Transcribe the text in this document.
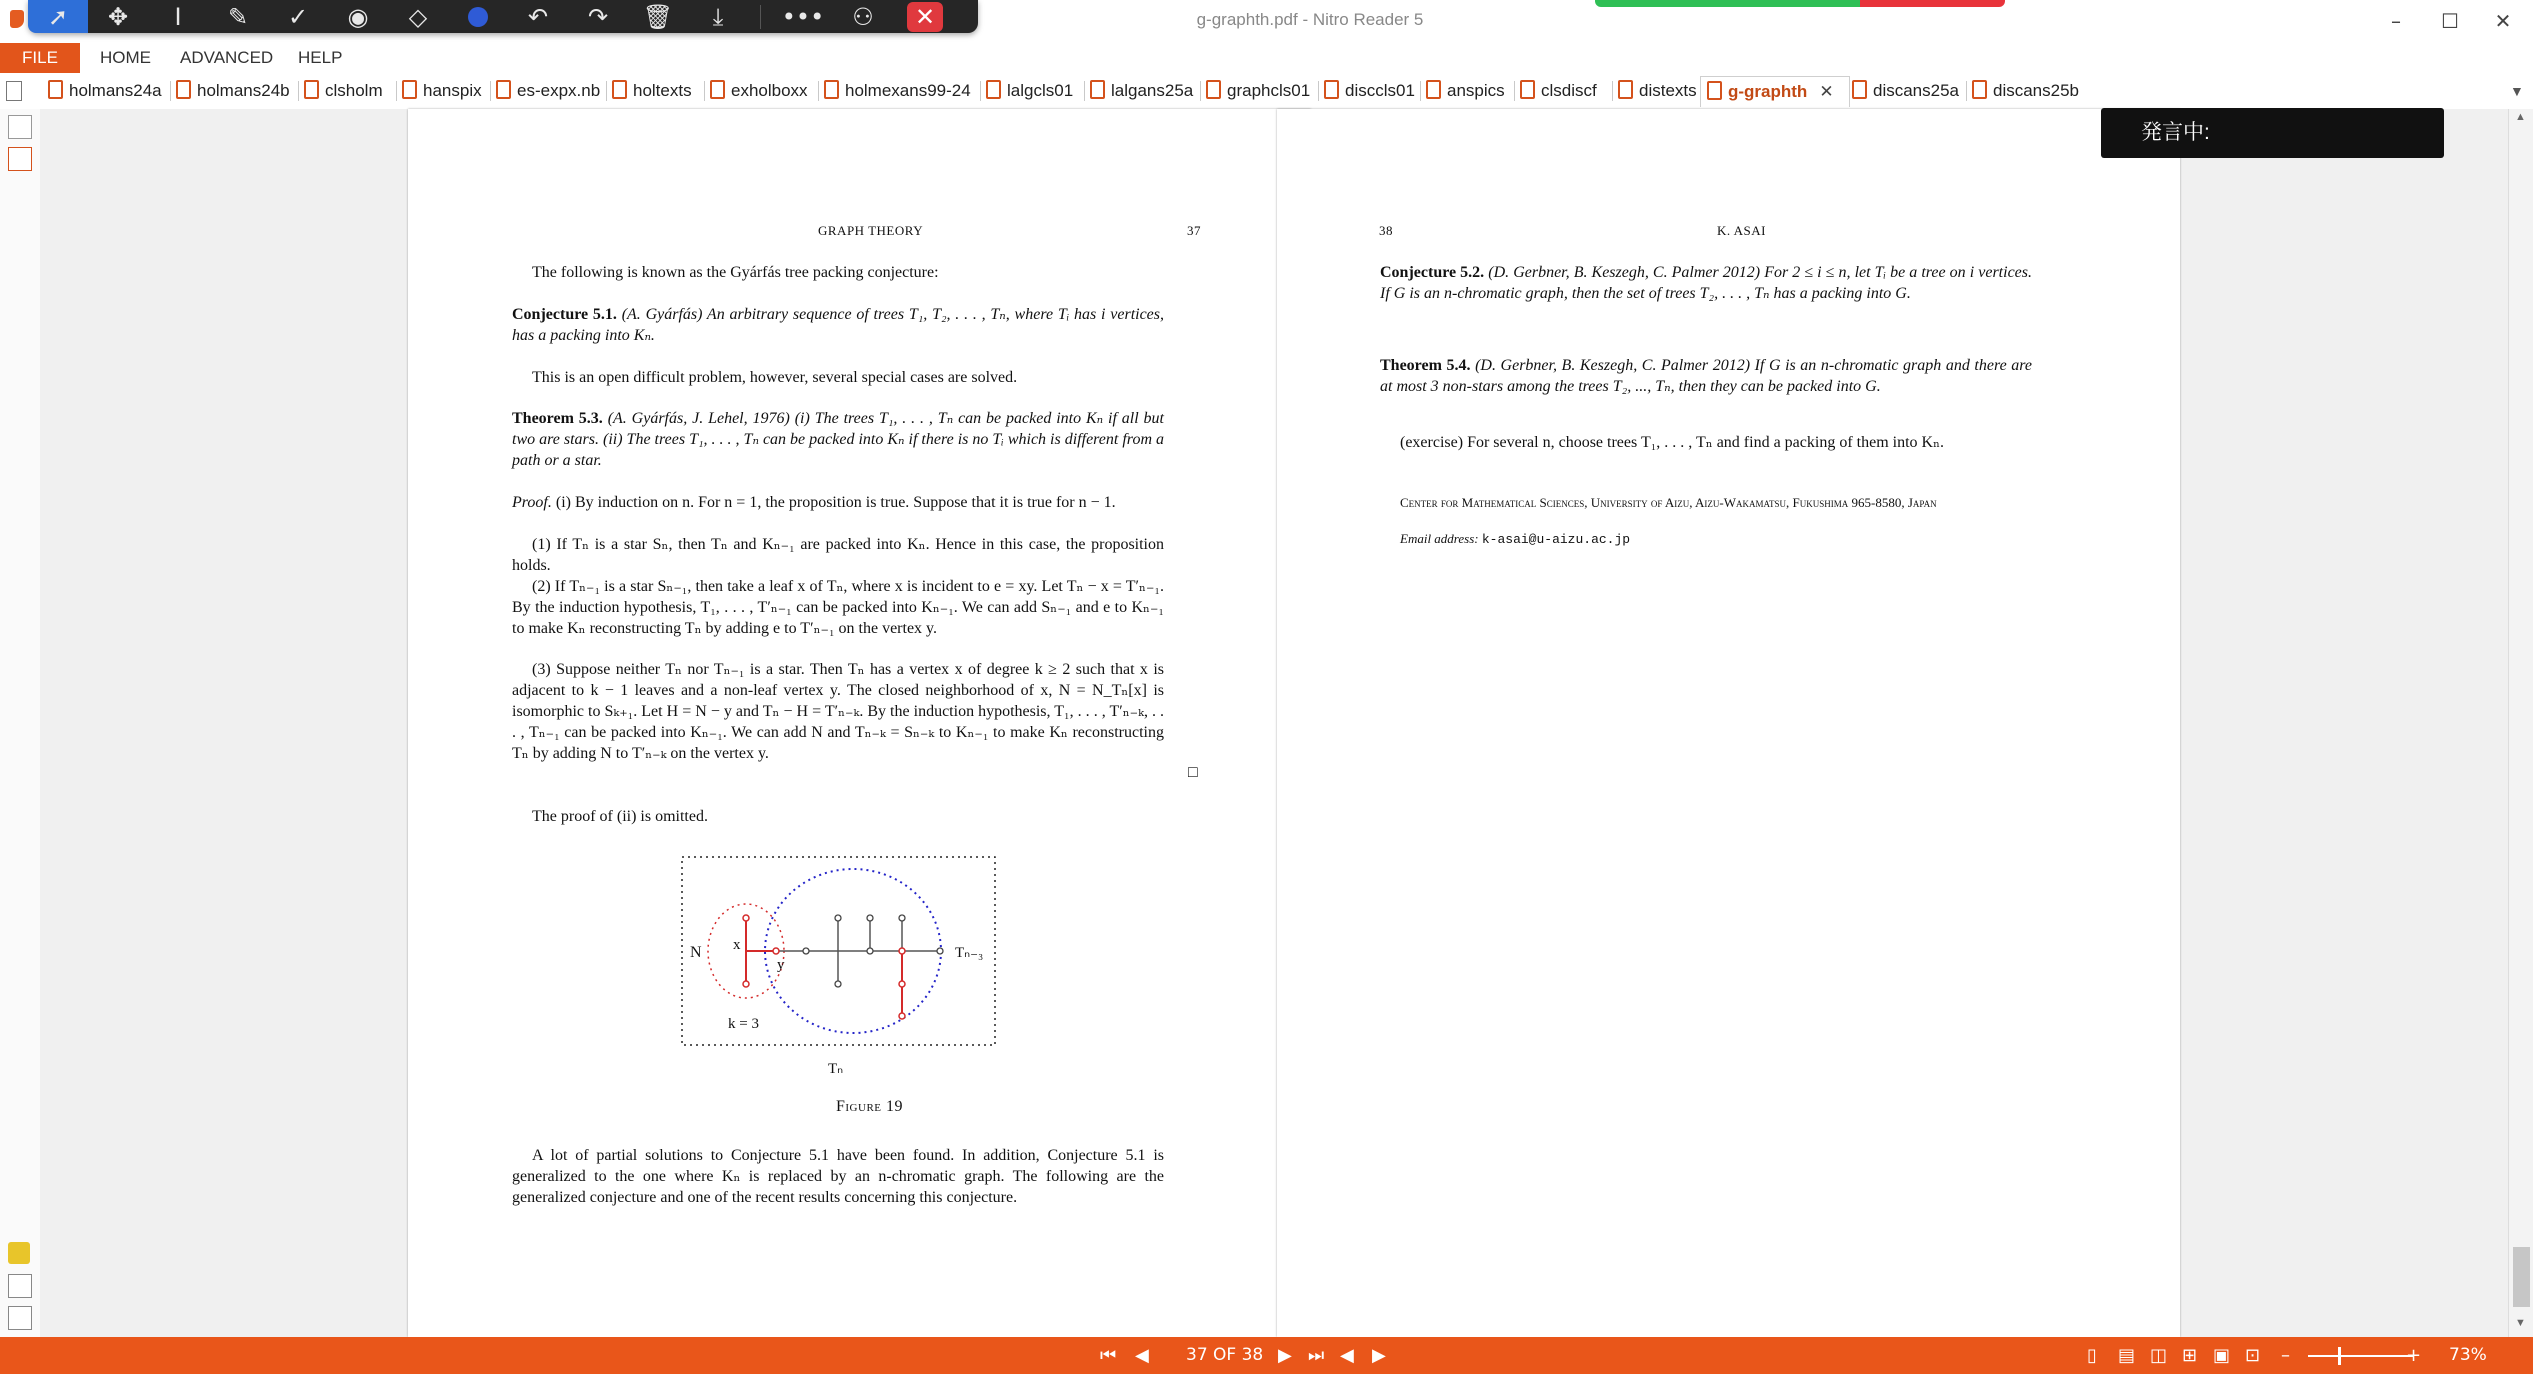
➚	✥	I	✎	✓	◉	◇	↶	↷	🗑	⤓	•••	⚇	✕	g-graphth.pdf - Nitro Reader 5	–	☐	✕
FILE	HOME ADVANCED HELP
holmans24a	holmans24b	clsholm	hanspix	es-expx.nb	holtexts	exholboxx	holmexans99-24	lalgcls01	lalgans25a	graphcls01	disccls01	anspics	clsdiscf	distexts	g-graphth ✕	discans25a	discans25b	▼
GRAPH THEORY	37
The following is known as the Gyárfás tree packing conjecture:
Conjecture 5.1. (A. Gyárfás) An arbitrary sequence of trees T₁, T₂, . . . , Tₙ, where Tᵢ has i vertices, has a packing into Kₙ.
This is an open difficult problem, however, several special cases are solved.
Theorem 5.3. (A. Gyárfás, J. Lehel, 1976) (i) The trees T₁, . . . , Tₙ can be packed into Kₙ if all but two are stars. (ii) The trees T₁, . . . , Tₙ can be packed into Kₙ if there is no Tᵢ which is different from a path or a star.
Proof. (i) By induction on n. For n = 1, the proposition is true. Suppose that it is true for n − 1.
(1) If Tₙ is a star Sₙ, then Tₙ and Kₙ₋₁ are packed into Kₙ. Hence in this case, the proposition holds.
(2) If Tₙ₋₁ is a star Sₙ₋₁, then take a leaf x of Tₙ, where x is incident to e = xy. Let Tₙ − x = T′ₙ₋₁. By the induction hypothesis, T₁, . . . , T′ₙ₋₁ can be packed into Kₙ₋₁. We can add Sₙ₋₁ and e to Kₙ₋₁ to make Kₙ reconstructing Tₙ by adding e to T′ₙ₋₁ on the vertex y.
(3) Suppose neither Tₙ nor Tₙ₋₁ is a star. Then Tₙ has a vertex x of degree k ≥ 2 such that x is adjacent to k − 1 leaves and a non-leaf vertex y. The closed neighborhood of x, N = N_Tₙ[x] is isomorphic to Sₖ₊₁. Let H = N − y and Tₙ − H = T′ₙ₋ₖ. By the induction hypothesis, T₁, . . . , T′ₙ₋ₖ, . . . , Tₙ₋₁ can be packed into Kₙ₋₁. We can add N and Tₙ₋ₖ = Sₙ₋ₖ to Kₙ₋₁ to make Kₙ reconstructing Tₙ by adding N to T′ₙ₋ₖ on the vertex y.
□
The proof of (ii) is omitted.
N x
y
Tₙ₋₃
k = 3
Tₙ
Figure 19
A lot of partial solutions to Conjecture 5.1 have been found. In addition, Conjecture 5.1 is generalized to the one where Kₙ is replaced by an n-chromatic graph. The following are the generalized conjecture and one of the recent results concerning this conjecture.
38	K. ASAI
Conjecture 5.2. (D. Gerbner, B. Keszegh, C. Palmer 2012) For 2 ≤ i ≤ n, let Tᵢ be a tree on i vertices. If G is an n-chromatic graph, then the set of trees T₂, . . . , Tₙ has a packing into G.
Theorem 5.4. (D. Gerbner, B. Keszegh, C. Palmer 2012) If G is an n-chromatic graph and there are at most 3 non-stars among the trees T₂, ..., Tₙ, then they can be packed into G.
(exercise) For several n, choose trees T₁, . . . , Tₙ and find a packing of them into Kₙ.
Center for Mathematical Sciences, University of Aizu, Aizu-Wakamatsu, Fukushima 965-8580, Japan
Email address: k-asai@u-aizu.ac.jp
発言中:
▲
▼
⏮ ◀ 37 OF 38 ▶ ⏭ ◀ ▶	▯ ▤ ◫ ⊞ ▣ ⊡ –	+ 73%
